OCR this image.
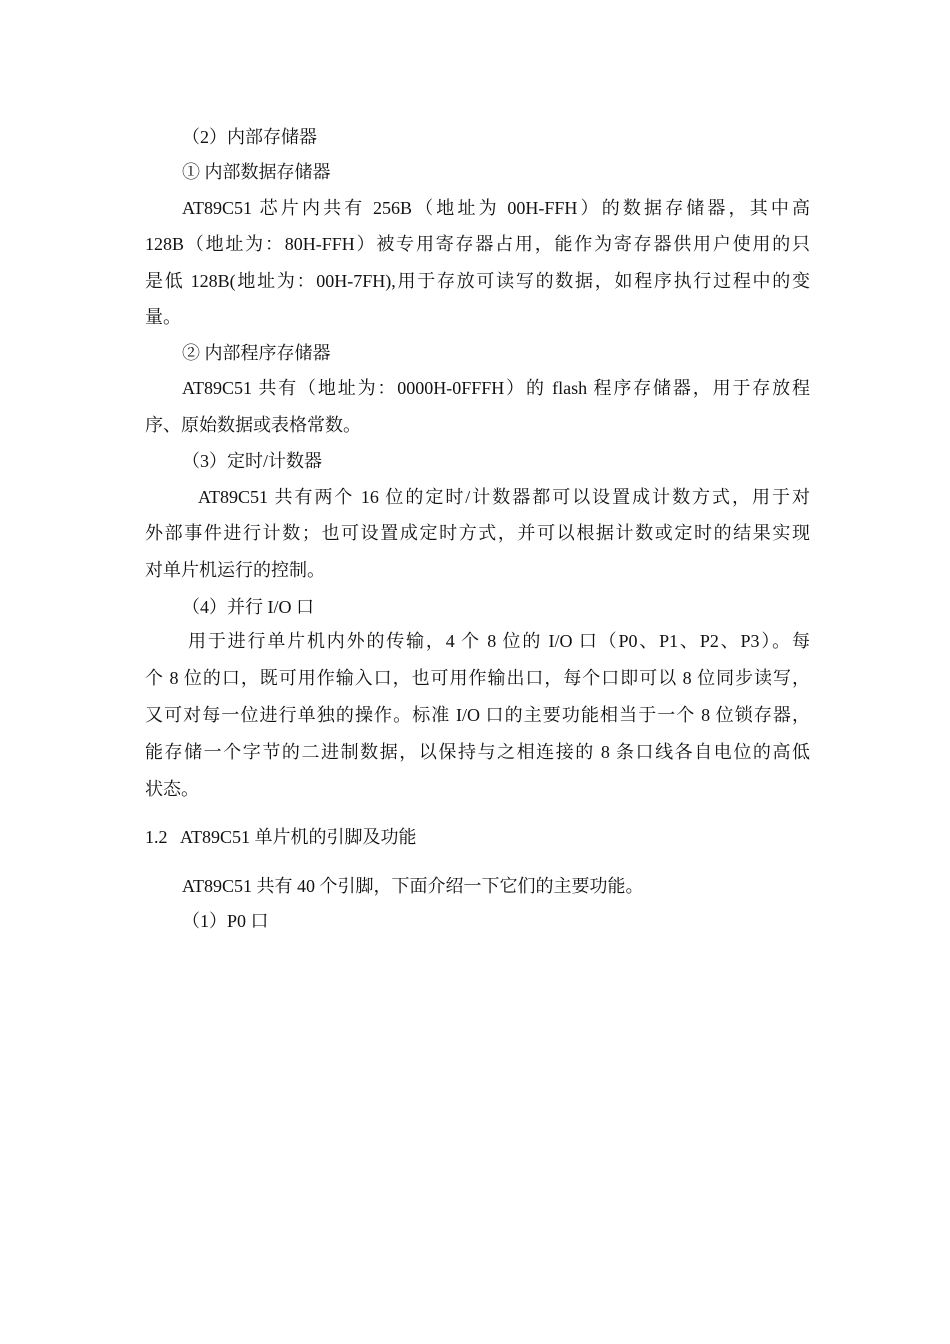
（2）内部存储器
① 内部数据存储器
AT89C51 芯片内共有 256B（地址为 00H-FFH）的数据存储器，其中高
128B（地址为：80H-FFH）被专用寄存器占用，能作为寄存器供用户使用的只
是低 128B(地址为：00H-7FH),用于存放可读写的数据，如程序执行过程中的变
量。
② 内部程序存储器
AT89C51 共有（地址为：0000H-0FFFH）的 flash 程序存储器，用于存放程
序、原始数据或表格常数。
（3）定时/计数器
AT89C51 共有两个 16 位的定时/计数器都可以设置成计数方式，用于对
外部事件进行计数；也可设置成定时方式，并可以根据计数或定时的结果实现
对单片机运行的控制。
（4）并行 I/O 口
用于进行单片机内外的传输，4 个 8 位的 I/O 口（P0、P1、P2、P3）。每
个 8 位的口，既可用作输入口，也可用作输出口，每个口即可以 8 位同步读写，
又可对每一位进行单独的操作。标准 I/O 口的主要功能相当于一个 8 位锁存器，
能存储一个字节的二进制数据，以保持与之相连接的 8 条口线各自电位的高低
状态。
1.2   AT89C51 单片机的引脚及功能
AT89C51 共有 40 个引脚，下面介绍一下它们的主要功能。
（1）P0 口
